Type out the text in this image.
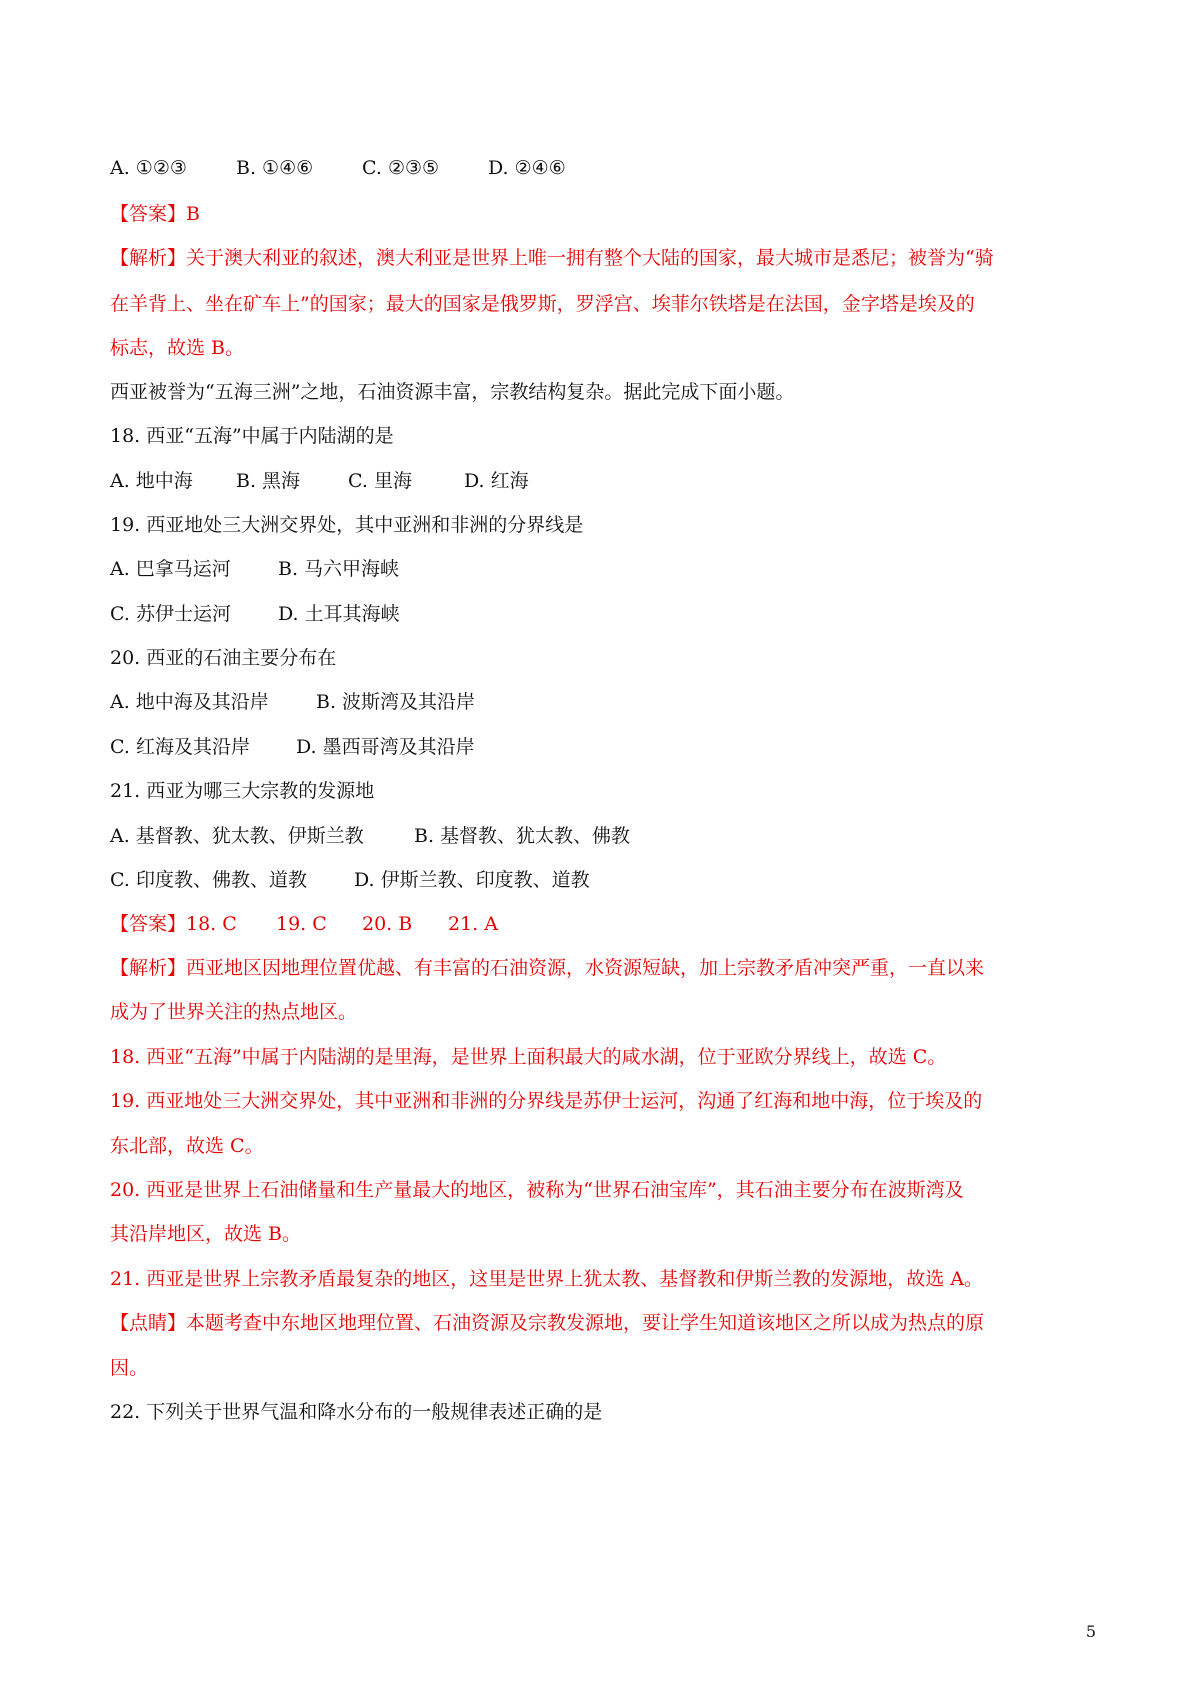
A. ①②③	B. ①④⑥	C. ②③⑤	D. ②④⑥
【答案】B
【解析】关于澳大利亚的叙述，澳大利亚是世界上唯一拥有整个大陆的国家，最大城市是悉尼；被誉为“骑
在羊背上、坐在矿车上”的国家；最大的国家是俄罗斯，罗浮宫、埃菲尔铁塔是在法国，金字塔是埃及的
标志，故选 B。
西亚被誉为“五海三洲”之地，石油资源丰富，宗教结构复杂。据此完成下面小题。
18. 西亚“五海”中属于内陆湖的是
A. 地中海 B. 黑海	C. 里海	D. 红海
19. 西亚地处三大洲交界处，其中亚洲和非洲的分界线是
A. 巴拿马运河 B. 马六甲海峡
C. 苏伊士运河 D. 土耳其海峡
20. 西亚的石油主要分布在
A. 地中海及其沿岸 B. 波斯湾及其沿岸
C. 红海及其沿岸 D. 墨西哥湾及其沿岸
21. 西亚为哪三大宗教的发源地
A. 基督教、犹太教、伊斯兰教	B. 基督教、犹太教、佛教
C. 印度教、佛教、道教 D. 伊斯兰教、印度教、道教
【答案】18. C 19. C 20. B 21. A
【解析】西亚地区因地理位置优越、有丰富的石油资源，水资源短缺，加上宗教矛盾冲突严重，一直以来
成为了世界关注的热点地区。
18. 西亚“五海”中属于内陆湖的是里海，是世界上面积最大的咸水湖，位于亚欧分界线上，故选 C。
19. 西亚地处三大洲交界处，其中亚洲和非洲的分界线是苏伊士运河，沟通了红海和地中海，位于埃及的
东北部，故选 C。
20. 西亚是世界上石油储量和生产量最大的地区，被称为“世界石油宝库”，其石油主要分布在波斯湾及
其沿岸地区，故选 B。
21. 西亚是世界上宗教矛盾最复杂的地区，这里是世界上犹太教、基督教和伊斯兰教的发源地，故选 A。
【点睛】本题考查中东地区地理位置、石油资源及宗教发源地，要让学生知道该地区之所以成为热点的原
因。
22. 下列关于世界气温和降水分布的一般规律表述正确的是
5
